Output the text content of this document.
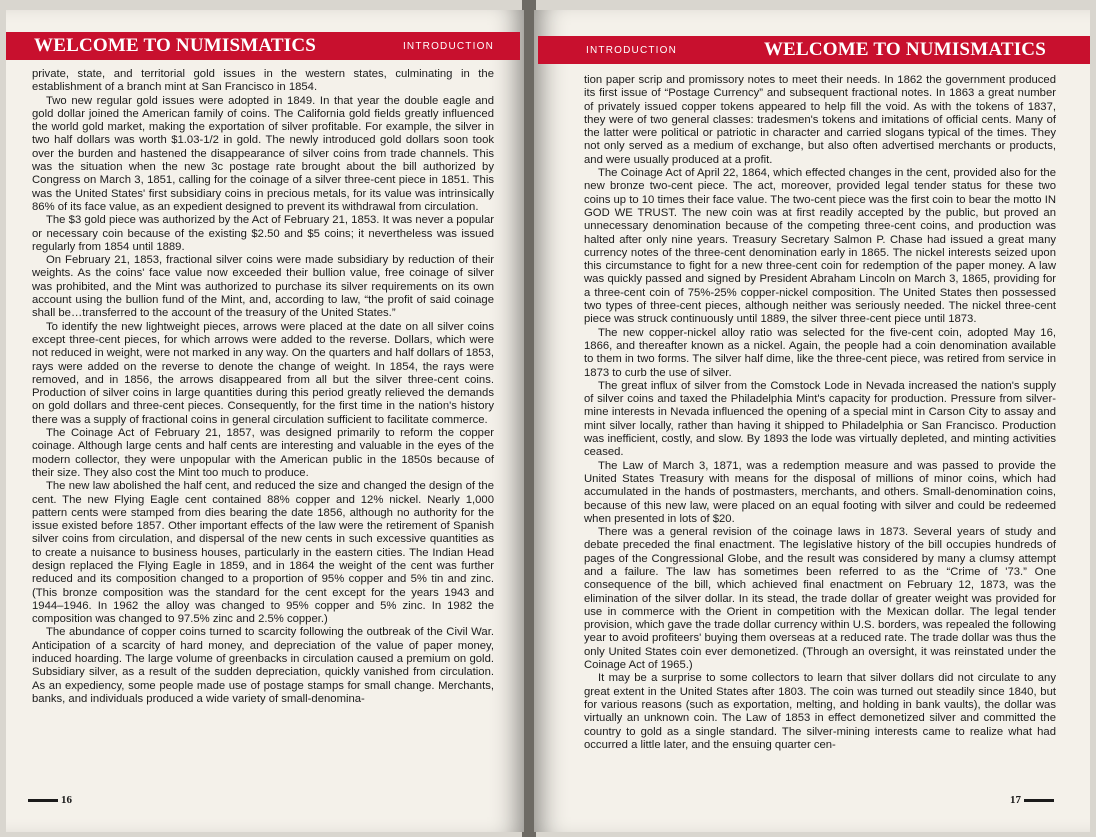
WELCOME TO NUMISMATICS	INTRODUCTION

private, state, and territorial gold issues in the western states, culminating in the establishment of a branch mint at San Francisco in 1854.

Two new regular gold issues were adopted in 1849. In that year the double eagle and gold dollar joined the American family of coins. The California gold fields greatly influenced the world gold market, making the exportation of silver profitable. For example, the silver in two half dollars was worth $1.03-1/2 in gold. The newly introduced gold dollars soon took over the burden and hastened the disappearance of silver coins from trade channels. This was the situation when the new 3c postage rate brought about the bill authorized by Congress on March 3, 1851, calling for the coinage of a silver three-cent piece in 1851. This was the United States' first subsidiary coins in precious metals, for its value was intrinsically 86% of its face value, as an expedient designed to prevent its withdrawal from circulation.

The $3 gold piece was authorized by the Act of February 21, 1853. It was never a popular or necessary coin because of the existing $2.50 and $5 coins; it nevertheless was issued regularly from 1854 until 1889.

On February 21, 1853, fractional silver coins were made subsidiary by reduction of their weights. As the coins' face value now exceeded their bullion value, free coinage of silver was prohibited, and the Mint was authorized to purchase its silver requirements on its own account using the bullion fund of the Mint, and, according to law, “the profit of said coinage shall be…transferred to the account of the treasury of the United States.”

To identify the new lightweight pieces, arrows were placed at the date on all silver coins except three-cent pieces, for which arrows were added to the reverse. Dollars, which were not reduced in weight, were not marked in any way. On the quarters and half dollars of 1853, rays were added on the reverse to denote the change of weight. In 1854, the rays were removed, and in 1856, the arrows disappeared from all but the silver three-cent coins. Production of silver coins in large quantities during this period greatly relieved the demands on gold dollars and three-cent pieces. Consequently, for the first time in the nation's history there was a supply of fractional coins in general circulation sufficient to facilitate commerce.

The Coinage Act of February 21, 1857, was designed primarily to reform the copper coinage. Although large cents and half cents are interesting and valuable in the eyes of the modern collector, they were unpopular with the American public in the 1850s because of their size. They also cost the Mint too much to produce.

The new law abolished the half cent, and reduced the size and changed the design of the cent. The new Flying Eagle cent contained 88% copper and 12% nickel. Nearly 1,000 pattern cents were stamped from dies bearing the date 1856, although no authority for the issue existed before 1857. Other important effects of the law were the retirement of Spanish silver coins from circulation, and dispersal of the new cents in such excessive quantities as to create a nuisance to business houses, particularly in the eastern cities. The Indian Head design replaced the Flying Eagle in 1859, and in 1864 the weight of the cent was further reduced and its composition changed to a proportion of 95% copper and 5% tin and zinc. (This bronze composition was the standard for the cent except for the years 1943 and 1944–1946. In 1962 the alloy was changed to 95% copper and 5% zinc. In 1982 the composition was changed to 97.5% zinc and 2.5% copper.)

The abundance of copper coins turned to scarcity following the outbreak of the Civil War. Anticipation of a scarcity of hard money, and depreciation of the value of paper money, induced hoarding. The large volume of greenbacks in circulation caused a premium on gold. Subsidiary silver, as a result of the sudden depreciation, quickly vanished from circulation. As an expediency, some people made use of postage stamps for small change. Merchants, banks, and individuals produced a wide variety of small-denomina-

16
INTRODUCTION	WELCOME TO NUMISMATICS

tion paper scrip and promissory notes to meet their needs. In 1862 the government produced its first issue of “Postage Currency” and subsequent fractional notes. In 1863 a great number of privately issued copper tokens appeared to help fill the void. As with the tokens of 1837, they were of two general classes: tradesmen's tokens and imitations of official cents. Many of the latter were political or patriotic in character and carried slogans typical of the times. They not only served as a medium of exchange, but also often advertised merchants or products, and were usually produced at a profit.

The Coinage Act of April 22, 1864, which effected changes in the cent, provided also for the new bronze two-cent piece. The act, moreover, provided legal tender status for these two coins up to 10 times their face value. The two-cent piece was the first coin to bear the motto IN GOD WE TRUST. The new coin was at first readily accepted by the public, but proved an unnecessary denomination because of the competing three-cent coins, and production was halted after only nine years. Treasury Secretary Salmon P. Chase had issued a great many currency notes of the three-cent denomination early in 1865. The nickel interests seized upon this circumstance to fight for a new three-cent coin for redemption of the paper money. A law was quickly passed and signed by President Abraham Lincoln on March 3, 1865, providing for a three-cent coin of 75%-25% copper-nickel composition. The United States then possessed two types of three-cent pieces, although neither was seriously needed. The nickel three-cent piece was struck continuously until 1889, the silver three-cent piece until 1873.

The new copper-nickel alloy ratio was selected for the five-cent coin, adopted May 16, 1866, and thereafter known as a nickel. Again, the people had a coin denomination available to them in two forms. The silver half dime, like the three-cent piece, was retired from service in 1873 to curb the use of silver.

The great influx of silver from the Comstock Lode in Nevada increased the nation's supply of silver coins and taxed the Philadelphia Mint's capacity for production. Pressure from silver-mine interests in Nevada influenced the opening of a special mint in Carson City to assay and mint silver locally, rather than having it shipped to Philadelphia or San Francisco. Production was inefficient, costly, and slow. By 1893 the lode was virtually depleted, and minting activities ceased.

The Law of March 3, 1871, was a redemption measure and was passed to provide the United States Treasury with means for the disposal of millions of minor coins, which had accumulated in the hands of postmasters, merchants, and others. Small-denomination coins, because of this new law, were placed on an equal footing with silver and could be redeemed when presented in lots of $20.

There was a general revision of the coinage laws in 1873. Several years of study and debate preceded the final enactment. The legislative history of the bill occupies hundreds of pages of the Congressional Globe, and the result was considered by many a clumsy attempt and a failure. The law has sometimes been referred to as the “Crime of '73.” One consequence of the bill, which achieved final enactment on February 12, 1873, was the elimination of the silver dollar. In its stead, the trade dollar of greater weight was provided for use in commerce with the Orient in competition with the Mexican dollar. The legal tender provision, which gave the trade dollar currency within U.S. borders, was repealed the following year to avoid profiteers' buying them overseas at a reduced rate. The trade dollar was thus the only United States coin ever demonetized. (Through an oversight, it was reinstated under the Coinage Act of 1965.)

It may be a surprise to some collectors to learn that silver dollars did not circulate to any great extent in the United States after 1803. The coin was turned out steadily since 1840, but for various reasons (such as exportation, melting, and holding in bank vaults), the dollar was virtually an unknown coin. The Law of 1853 in effect demonetized silver and committed the country to gold as a single standard. The silver-mining interests came to realize what had occurred a little later, and the ensuing quarter cen-

17
